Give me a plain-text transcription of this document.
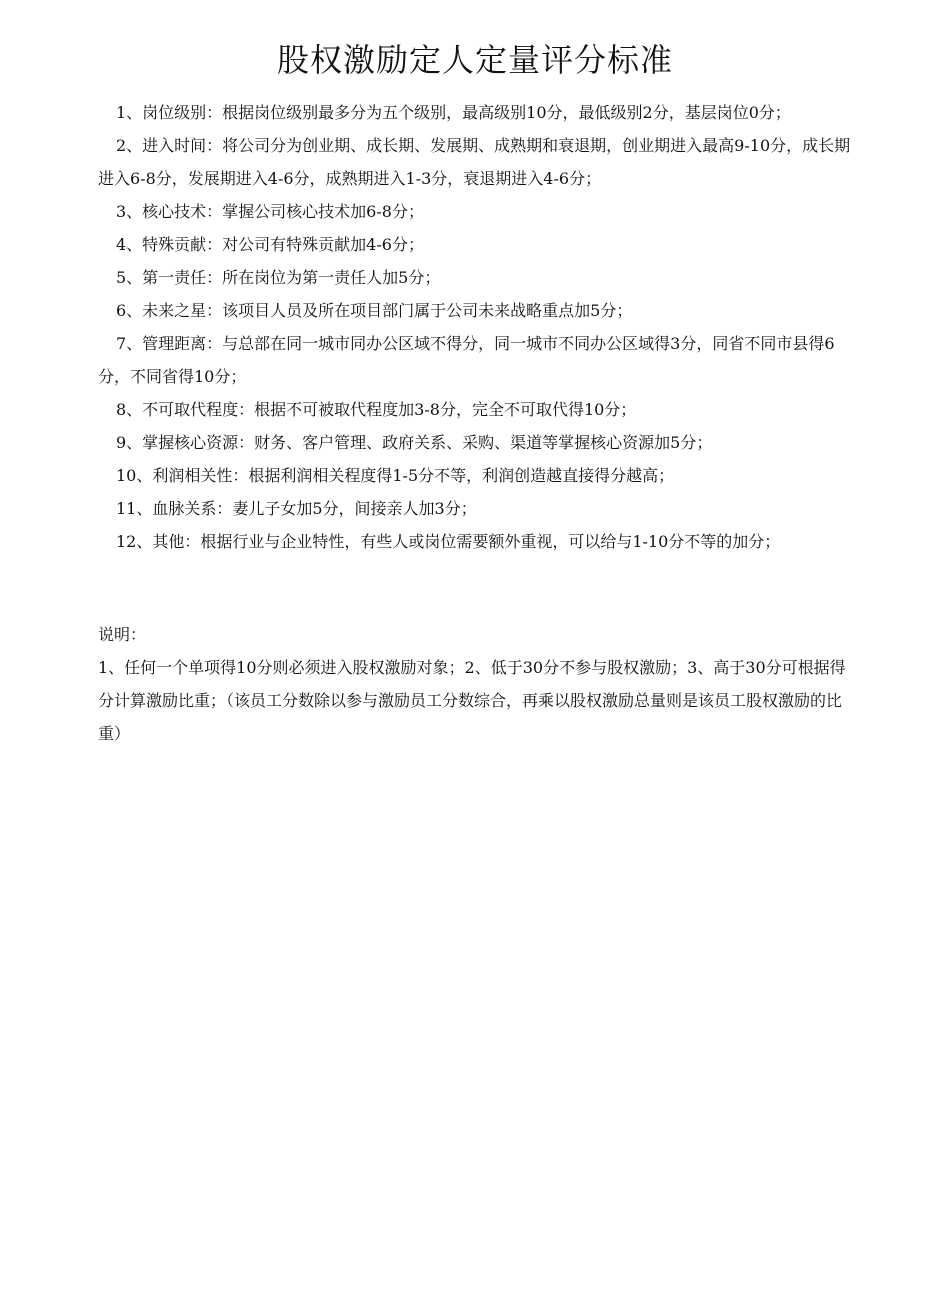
股权激励定人定量评分标准
1、岗位级别：根据岗位级别最多分为五个级别，最高级别10分，最低级别2分，基层岗位0分；
2、进入时间：将公司分为创业期、成长期、发展期、成熟期和衰退期，创业期进入最高9-10分，成长期进入6-8分，发展期进入4-6分，成熟期进入1-3分，衰退期进入4-6分；
3、核心技术：掌握公司核心技术加6-8分；
4、特殊贡献：对公司有特殊贡献加4-6分；
5、第一责任：所在岗位为第一责任人加5分；
6、未来之星：该项目人员及所在项目部门属于公司未来战略重点加5分；
7、管理距离：与总部在同一城市同办公区域不得分，同一城市不同办公区域得3分，同省不同市县得6分，不同省得10分；
8、不可取代程度：根据不可被取代程度加3-8分，完全不可取代得10分；
9、掌握核心资源：财务、客户管理、政府关系、采购、渠道等掌握核心资源加5分；
10、利润相关性：根据利润相关程度得1-5分不等，利润创造越直接得分越高；
11、血脉关系：妻儿子女加5分，间接亲人加3分；
12、其他：根据行业与企业特性，有些人或岗位需要额外重视，可以给与1-10分不等的加分；

说明：

1、任何一个单项得10分则必须进入股权激励对象；2、低于30分不参与股权激励；3、高于30分可根据得分计算激励比重；（该员工分数除以参与激励员工分数综合，再乘以股权激励总量则是该员工股权激励的比重）
